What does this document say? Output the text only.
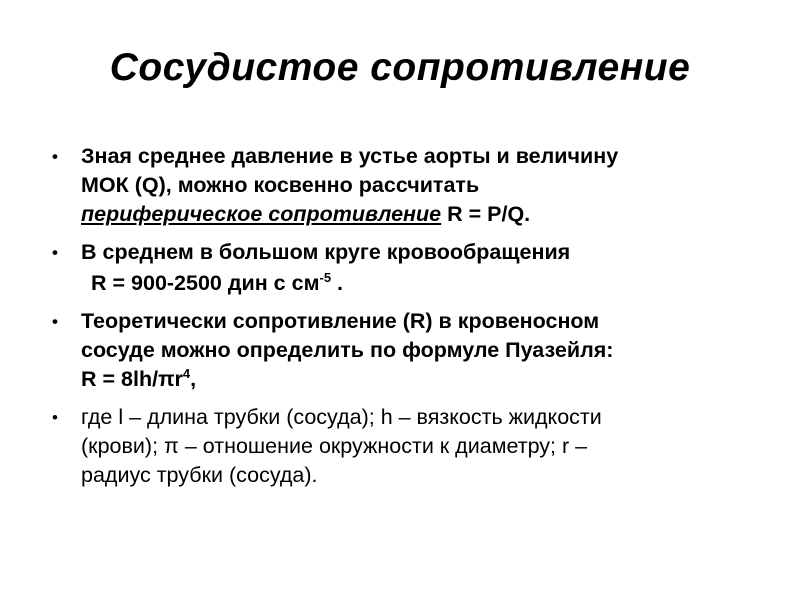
Сосудистое сопротивление
• Зная среднее давление в устье аорты и величину
МОК (Q), можно косвенно рассчитать
периферическое сопротивление R = P/Q.
• В среднем в большом круге кровообращения
R = 900-2500 дин с $см^{-5}$ .
• Теоретически сопротивление (R) в кровеносном
сосуде можно определить по формуле Пуазейля:
$R = 8lh/\pi r^4$,
• где l – длина трубки (сосуда); h – вязкость жидкости
(крови); π – отношение окружности к диаметру; r –
радиус трубки (сосуда).
